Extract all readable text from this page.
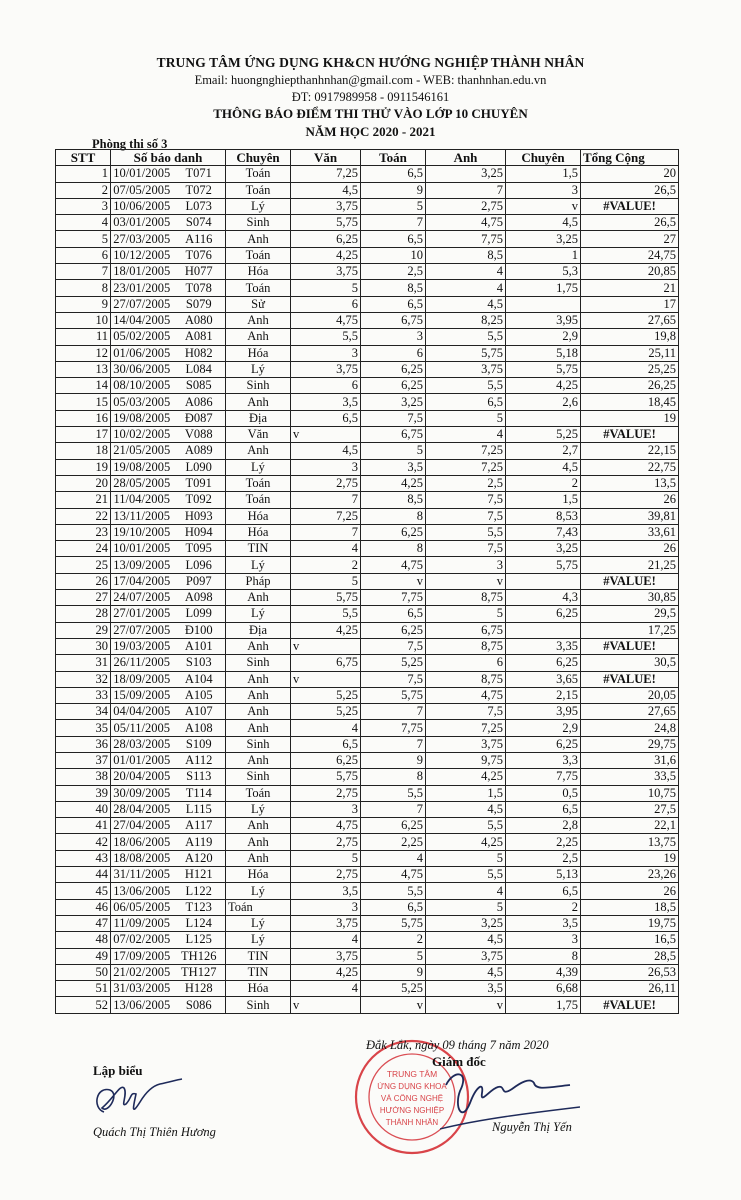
TRUNG TÂM ỨNG DỤNG KH&CN HƯỚNG NGHIỆP THÀNH NHÂN
Email: huongnghiepthanhnhan@gmail.com - WEB: thanhnhan.edu.vn
ĐT: 0917989958 - 0911546161
THÔNG BÁO ĐIỂM THI THỬ VÀO LỚP 10 CHUYÊN
NĂM HỌC 2020 - 2021
Phòng thi số 3
STT	Số báo danh		Chuyên	Văn	Toán	Anh	Chuyên	Tổng Cộng
1	10/01/2005	T071	Toán	7,25	6,5	3,25	1,5	20
2	07/05/2005	T072	Toán	4,5	9	7	3	26,5
3	10/06/2005	L073	Lý	3,75	5	2,75	v	#VALUE!
4	03/01/2005	S074	Sinh	5,75	7	4,75	4,5	26,5
5	27/03/2005	A116	Anh	6,25	6,5	7,75	3,25	27
6	10/12/2005	T076	Toán	4,25	10	8,5	1	24,75
7	18/01/2005	H077	Hóa	3,75	2,5	4	5,3	20,85
8	23/01/2005	T078	Toán	5	8,5	4	1,75	21
9	27/07/2005	S079	Sử	6	6,5	4,5		17
10	14/04/2005	A080	Anh	4,75	6,75	8,25	3,95	27,65
11	05/02/2005	A081	Anh	5,5	3	5,5	2,9	19,8
12	01/06/2005	H082	Hóa	3	6	5,75	5,18	25,11
13	30/06/2005	L084	Lý	3,75	6,25	3,75	5,75	25,25
14	08/10/2005	S085	Sinh	6	6,25	5,5	4,25	26,25
15	05/03/2005	A086	Anh	3,5	3,25	6,5	2,6	18,45
16	19/08/2005	Đ087	Địa	6,5	7,5	5		19
17	10/02/2005	V088	Văn	v	6,75	4	5,25	#VALUE!
18	21/05/2005	A089	Anh	4,5	5	7,25	2,7	22,15
19	19/08/2005	L090	Lý	3	3,5	7,25	4,5	22,75
20	28/05/2005	T091	Toán	2,75	4,25	2,5	2	13,5
21	11/04/2005	T092	Toán	7	8,5	7,5	1,5	26
22	13/11/2005	H093	Hóa	7,25	8	7,5	8,53	39,81
23	19/10/2005	H094	Hóa	7	6,25	5,5	7,43	33,61
24	10/01/2005	T095	TIN	4	8	7,5	3,25	26
25	13/09/2005	L096	Lý	2	4,75	3	5,75	21,25
26	17/04/2005	P097	Pháp	5	v	v		#VALUE!
27	24/07/2005	A098	Anh	5,75	7,75	8,75	4,3	30,85
28	27/01/2005	L099	Lý	5,5	6,5	5	6,25	29,5
29	27/07/2005	Đ100	Địa	4,25	6,25	6,75		17,25
30	19/03/2005	A101	Anh	v	7,5	8,75	3,35	#VALUE!
31	26/11/2005	S103	Sinh	6,75	5,25	6	6,25	30,5
32	18/09/2005	A104	Anh	v	7,5	8,75	3,65	#VALUE!
33	15/09/2005	A105	Anh	5,25	5,75	4,75	2,15	20,05
34	04/04/2005	A107	Anh	5,25	7	7,5	3,95	27,65
35	05/11/2005	A108	Anh	4	7,75	7,25	2,9	24,8
36	28/03/2005	S109	Sinh	6,5	7	3,75	6,25	29,75
37	01/01/2005	A112	Anh	6,25	9	9,75	3,3	31,6
38	20/04/2005	S113	Sinh	5,75	8	4,25	7,75	33,5
39	30/09/2005	T114	Toán	2,75	5,5	1,5	0,5	10,75
40	28/04/2005	L115	Lý	3	7	4,5	6,5	27,5
41	27/04/2005	A117	Anh	4,75	6,25	5,5	2,8	22,1
42	18/06/2005	A119	Anh	2,75	2,25	4,25	2,25	13,75
43	18/08/2005	A120	Anh	5	4	5	2,5	19
44	31/11/2005	H121	Hóa	2,75	4,75	5,5	5,13	23,26
45	13/06/2005	L122	Lý	3,5	5,5	4	6,5	26
46	06/05/2005	T123	Toán	3	6,5	5	2	18,5
47	11/09/2005	L124	Lý	3,75	5,75	3,25	3,5	19,75
48	07/02/2005	L125	Lý	4	2	4,5	3	16,5
49	17/09/2005	TH126	TIN	3,75	5	3,75	8	28,5
50	21/02/2005	TH127	TIN	4,25	9	4,5	4,39	26,53
51	31/03/2005	H128	Hóa	4	5,25	3,5	6,68	26,11
52	13/06/2005	S086	Sinh	v	v	v	1,75	#VALUE!
Lập biểu
Quách Thị Thiên Hương
TRUNG TÂM
ỨNG DỤNG KHOA
VÀ CÔNG NGHỆ
HƯỚNG NGHIỆP
THÀNH NHÂN
Đắk Lắk, ngày 09 tháng 7 năm 2020
Giám đốc
Nguyễn Thị Yến
